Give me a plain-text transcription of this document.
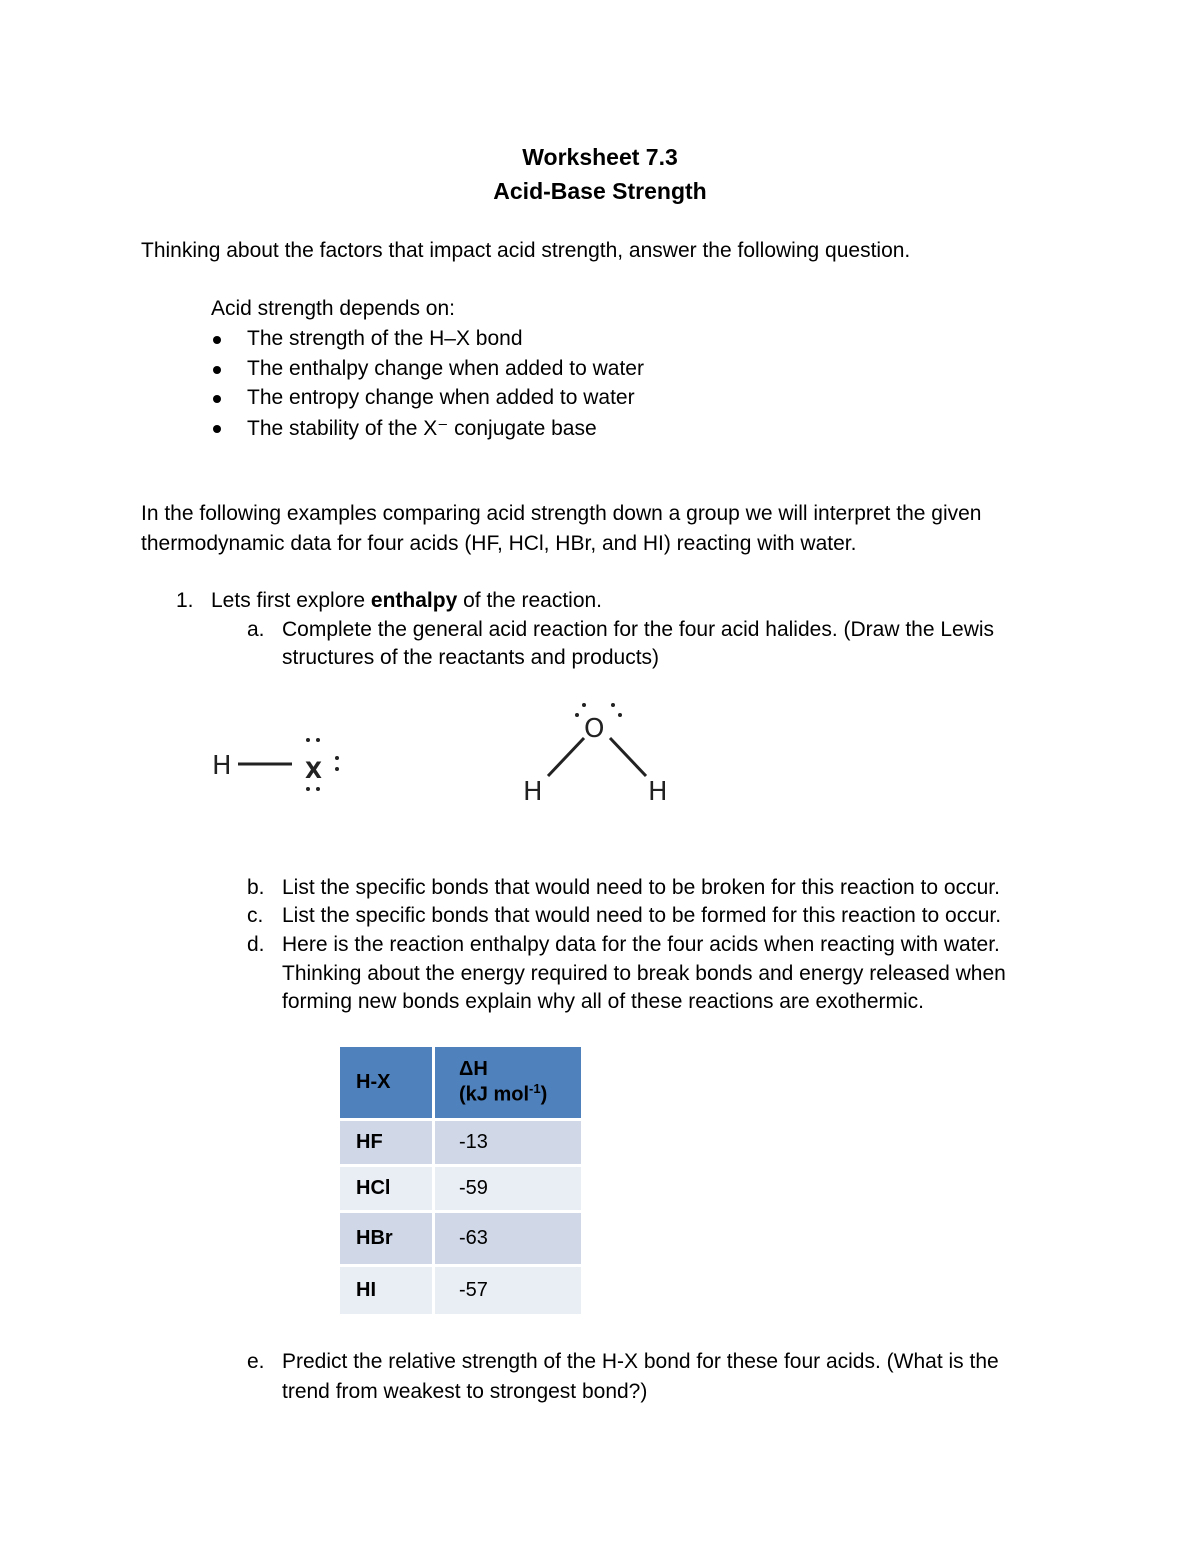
Worksheet 7.3
Acid-Base Strength
Thinking about the factors that impact acid strength, answer the following question.
Acid strength depends on:
The strength of the H–X bond
The enthalpy change when added to water
The entropy change when added to water
The stability of the X⁻ conjugate base
In the following examples comparing acid strength down a group we will interpret the given
thermodynamic data for four acids (HF, HCl, HBr, and HI) reacting with water.
1. Lets first explore enthalpy of the reaction.
a. Complete the general acid reaction for the four acid halides. (Draw the Lewis
structures of the reactants and products)
H	X
O
H	H
b. List the specific bonds that would need to be broken for this reaction to occur.
c. List the specific bonds that would need to be formed for this reaction to occur.
d. Here is the reaction enthalpy data for the four acids when reacting with water.
Thinking about the energy required to break bonds and energy released when
forming new bonds explain why all of these reactions are exothermic.
H-X	ΔH
(kJ mol$^{-1}$)

HF	-13
HCl	-59
HBr	-63
HI	-57
e. Predict the relative strength of the H-X bond for these four acids. (What is the
trend from weakest to strongest bond?)
